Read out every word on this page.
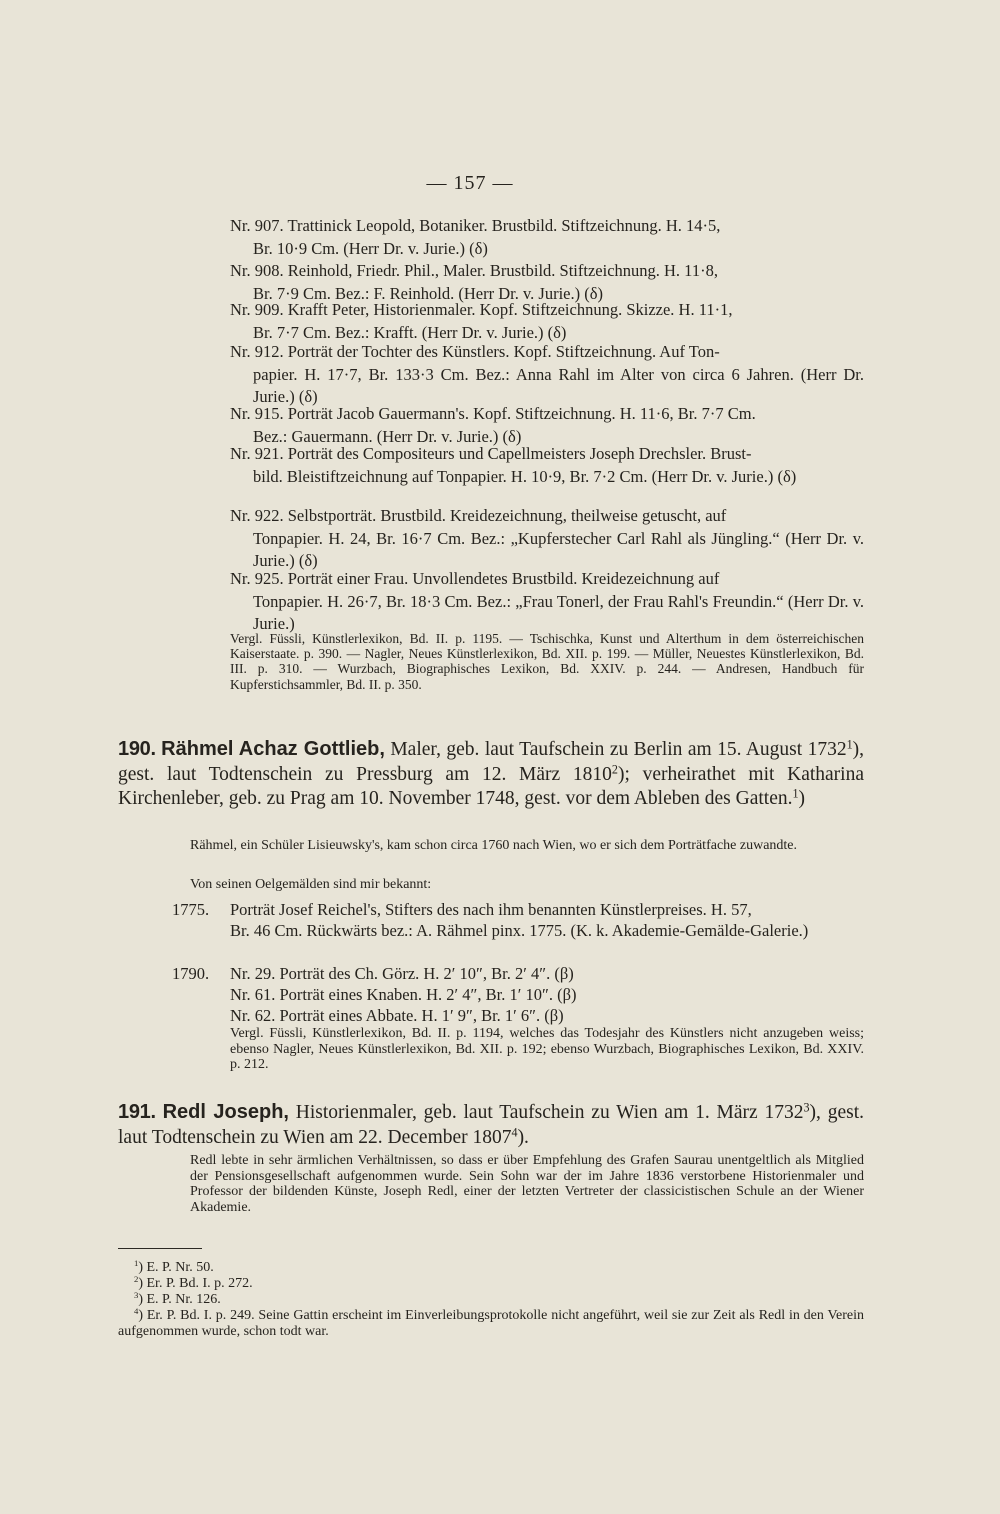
— 157 —
Nr. 907. Trattinick Leopold, Botaniker. Brustbild. Stiftzeichnung. H. 14·5,
Br. 10·9 Cm. (Herr Dr. v. Jurie.) (δ)
Nr. 908. Reinhold, Friedr. Phil., Maler. Brustbild. Stiftzeichnung. H. 11·8,
Br. 7·9 Cm. Bez.: F. Reinhold. (Herr Dr. v. Jurie.) (δ)
Nr. 909. Krafft Peter, Historienmaler. Kopf. Stiftzeichnung. Skizze. H. 11·1,
Br. 7·7 Cm. Bez.: Krafft. (Herr Dr. v. Jurie.) (δ)
Nr. 912. Porträt der Tochter des Künstlers. Kopf. Stiftzeichnung. Auf Ton-
papier. H. 17·7, Br. 133·3 Cm. Bez.: Anna Rahl im Alter von circa 6 Jahren. (Herr Dr. Jurie.) (δ)
Nr. 915. Porträt Jacob Gauermann's. Kopf. Stiftzeichnung. H. 11·6, Br. 7·7 Cm.
Bez.: Gauermann. (Herr Dr. v. Jurie.) (δ)
Nr. 921. Porträt des Compositeurs und Capellmeisters Joseph Drechsler. Brust-
bild. Bleistiftzeichnung auf Tonpapier. H. 10·9, Br. 7·2 Cm. (Herr Dr. v. Jurie.) (δ)
Nr. 922. Selbstporträt. Brustbild. Kreidezeichnung, theilweise getuscht, auf
Tonpapier. H. 24, Br. 16·7 Cm. Bez.: „Kupferstecher Carl Rahl als Jüngling.“ (Herr Dr. v. Jurie.) (δ)
Nr. 925. Porträt einer Frau. Unvollendetes Brustbild. Kreidezeichnung auf
Tonpapier. H. 26·7, Br. 18·3 Cm. Bez.: „Frau Tonerl, der Frau Rahl's Freundin.“ (Herr Dr. v. Jurie.)
Vergl. Füssli, Künstlerlexikon, Bd. II. p. 1195. — Tschischka, Kunst und Alterthum in dem österreichischen Kaiserstaate. p. 390. — Nagler, Neues Künstlerlexikon, Bd. XII. p. 199. — Müller, Neuestes Künstlerlexikon, Bd. III. p. 310. — Wurzbach, Biographisches Lexikon, Bd. XXIV. p. 244. — Andresen, Handbuch für Kupferstichsammler, Bd. II. p. 350.
190. Rähmel Achaz Gottlieb, Maler, geb. laut Taufschein zu Berlin am 15. August 1732$^1$), gest. laut Todtenschein zu Pressburg am 12. März 1810$^2$); verheirathet mit Katharina Kirchenleber, geb. zu Prag am 10. November 1748, gest. vor dem Ableben des Gatten.$^1$)
Rähmel, ein Schüler Lisieuwsky's, kam schon circa 1760 nach Wien, wo er sich dem Porträtfache zuwandte.
Von seinen Oelgemälden sind mir bekannt:
1775. Porträt Josef Reichel's, Stifters des nach ihm benannten Künstlerpreises. H. 57,
Br. 46 Cm. Rückwärts bez.: A. Rähmel pinx. 1775. (K. k. Akademie-Gemälde-Galerie.)
1790. Nr. 29. Porträt des Ch. Görz. H. 2′ 10″, Br. 2′ 4″. (β)
Nr. 61. Porträt eines Knaben. H. 2′ 4″, Br. 1′ 10″. (β)
Nr. 62. Porträt eines Abbate. H. 1′ 9″, Br. 1′ 6″. (β)
Vergl. Füssli, Künstlerlexikon, Bd. II. p. 1194, welches das Todesjahr des Künstlers nicht anzugeben weiss; ebenso Nagler, Neues Künstlerlexikon, Bd. XII. p. 192; ebenso Wurzbach, Biographisches Lexikon, Bd. XXIV. p. 212.
191. Redl Joseph, Historienmaler, geb. laut Taufschein zu Wien am 1. März 1732$^3$), gest. laut Todtenschein zu Wien am 22. December 1807$^4$).
Redl lebte in sehr ärmlichen Verhältnissen, so dass er über Empfehlung des Grafen Saurau unentgeltlich als Mitglied der Pensionsgesellschaft aufgenommen wurde. Sein Sohn war der im Jahre 1836 verstorbene Historienmaler und Professor der bildenden Künste, Joseph Redl, einer der letzten Vertreter der classicistischen Schule an der Wiener Akademie.
$^1$) E. P. Nr. 50.
$^2$) Er. P. Bd. I. p. 272.
$^3$) E. P. Nr. 126.
$^4$) Er. P. Bd. I. p. 249. Seine Gattin erscheint im Einverleibungsprotokolle nicht angeführt, weil sie zur Zeit als Redl in den Verein aufgenommen wurde, schon todt war.
